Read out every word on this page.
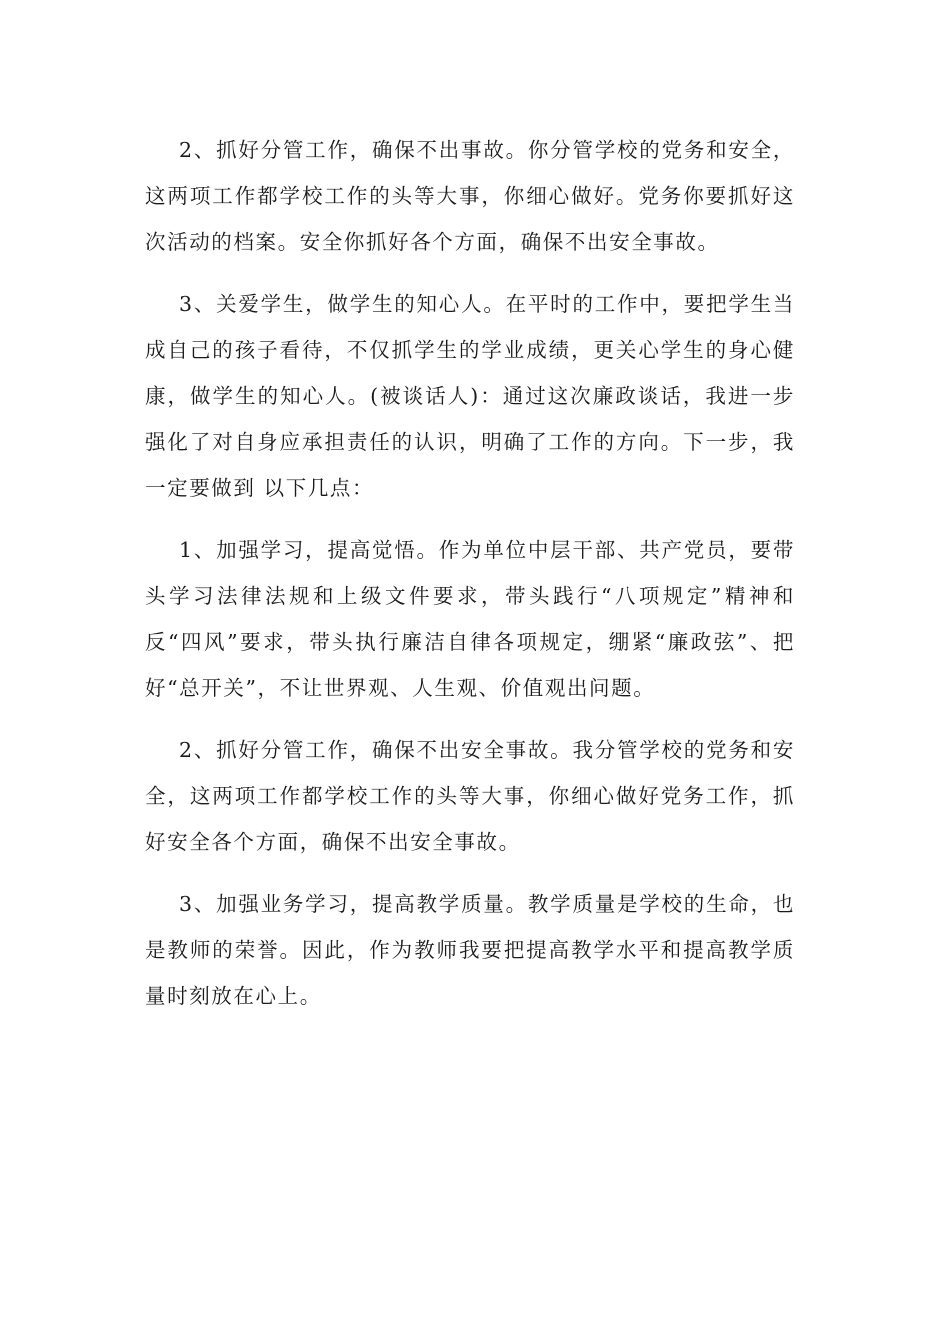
2、抓好分管工作，确保不出事故。你分管学校的党务和安全，这两项工作都学校工作的头等大事，你细心做好。党务你要抓好这次活动的档案。安全你抓好各个方面，确保不出安全事故。

3、关爱学生，做学生的知心人。在平时的工作中，要把学生当成自己的孩子看待，不仅抓学生的学业成绩，更关心学生的身心健康，做学生的知心人。(被谈话人)：通过这次廉政谈话，我进一步强化了对自身应承担责任的认识，明确了工作的方向。下一步，我一定要做到 以下几点：

1、加强学习，提高觉悟。作为单位中层干部、共产党员，要带头学习法律法规和上级文件要求，带头践行“八项规定”精神和反“四风”要求，带头执行廉洁自律各项规定，绷紧“廉政弦”、把好“总开关”，不让世界观、人生观、价值观出问题。

2、抓好分管工作，确保不出安全事故。我分管学校的党务和安全，这两项工作都学校工作的头等大事，你细心做好党务工作，抓好安全各个方面，确保不出安全事故。

3、加强业务学习，提高教学质量。教学质量是学校的生命，也是教师的荣誉。因此，作为教师我要把提高教学水平和提高教学质量时刻放在心上。
